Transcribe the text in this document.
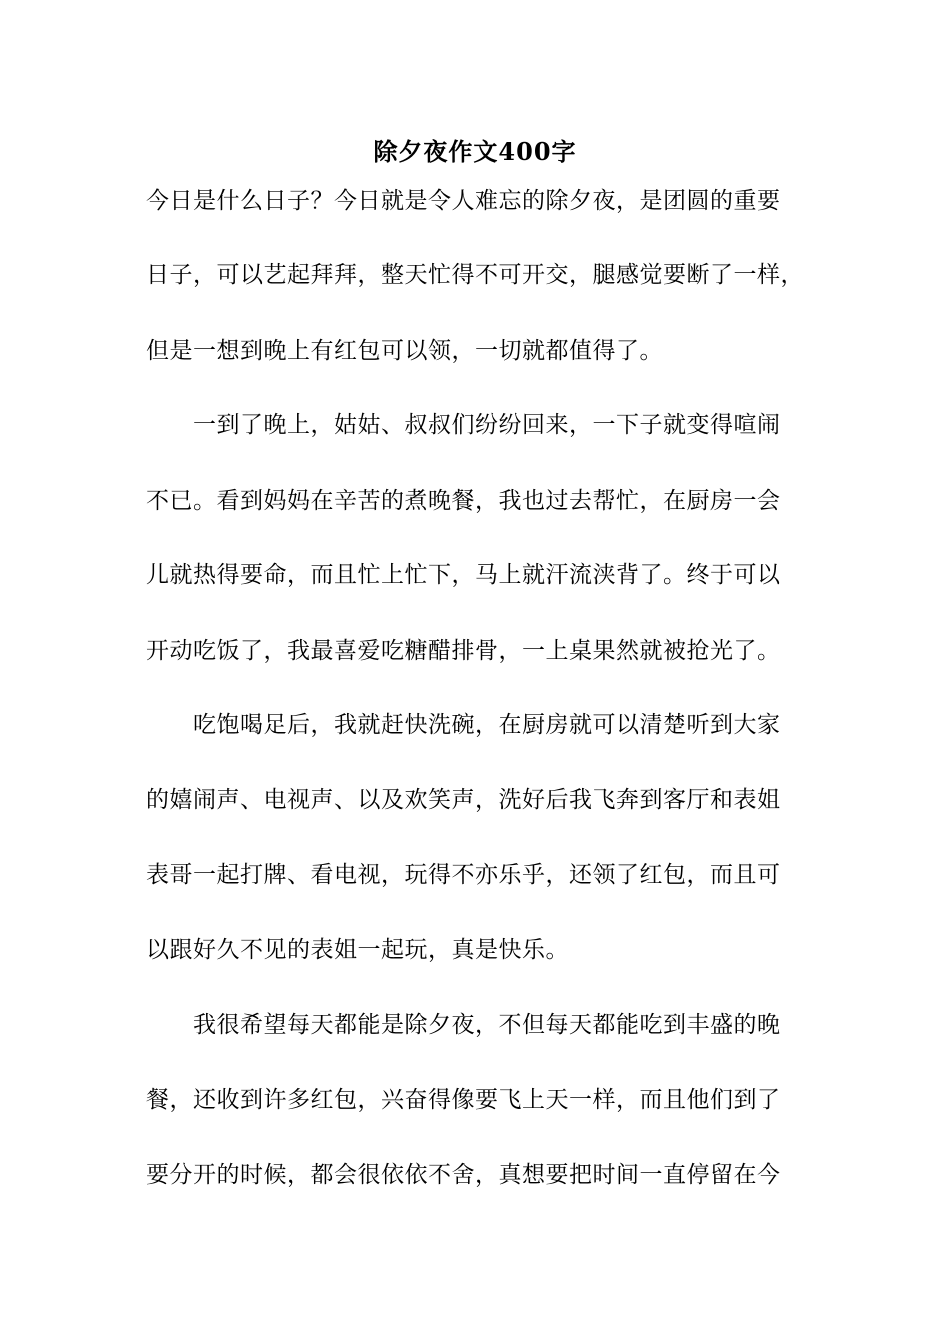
除夕夜作文400字
今日是什么日子？今日就是令人难忘的除夕夜，是团圆的重要
日子，可以艺起拜拜，整天忙得不可开交，腿感觉要断了一样，
但是一想到晚上有红包可以领，一切就都值得了。
　　一到了晚上，姑姑、叔叔们纷纷回来，一下子就变得喧闹
不已。看到妈妈在辛苦的煮晚餐，我也过去帮忙，在厨房一会
儿就热得要命，而且忙上忙下，马上就汗流浃背了。终于可以
开动吃饭了，我最喜爱吃糖醋排骨，一上桌果然就被抢光了。
　　吃饱喝足后，我就赶快洗碗，在厨房就可以清楚听到大家
的嬉闹声、电视声、以及欢笑声，洗好后我飞奔到客厅和表姐
表哥一起打牌、看电视，玩得不亦乐乎，还领了红包，而且可
以跟好久不见的表姐一起玩，真是快乐。
　　我很希望每天都能是除夕夜，不但每天都能吃到丰盛的晚
餐，还收到许多红包，兴奋得像要飞上天一样，而且他们到了
要分开的时候，都会很依依不舍，真想要把时间一直停留在今
